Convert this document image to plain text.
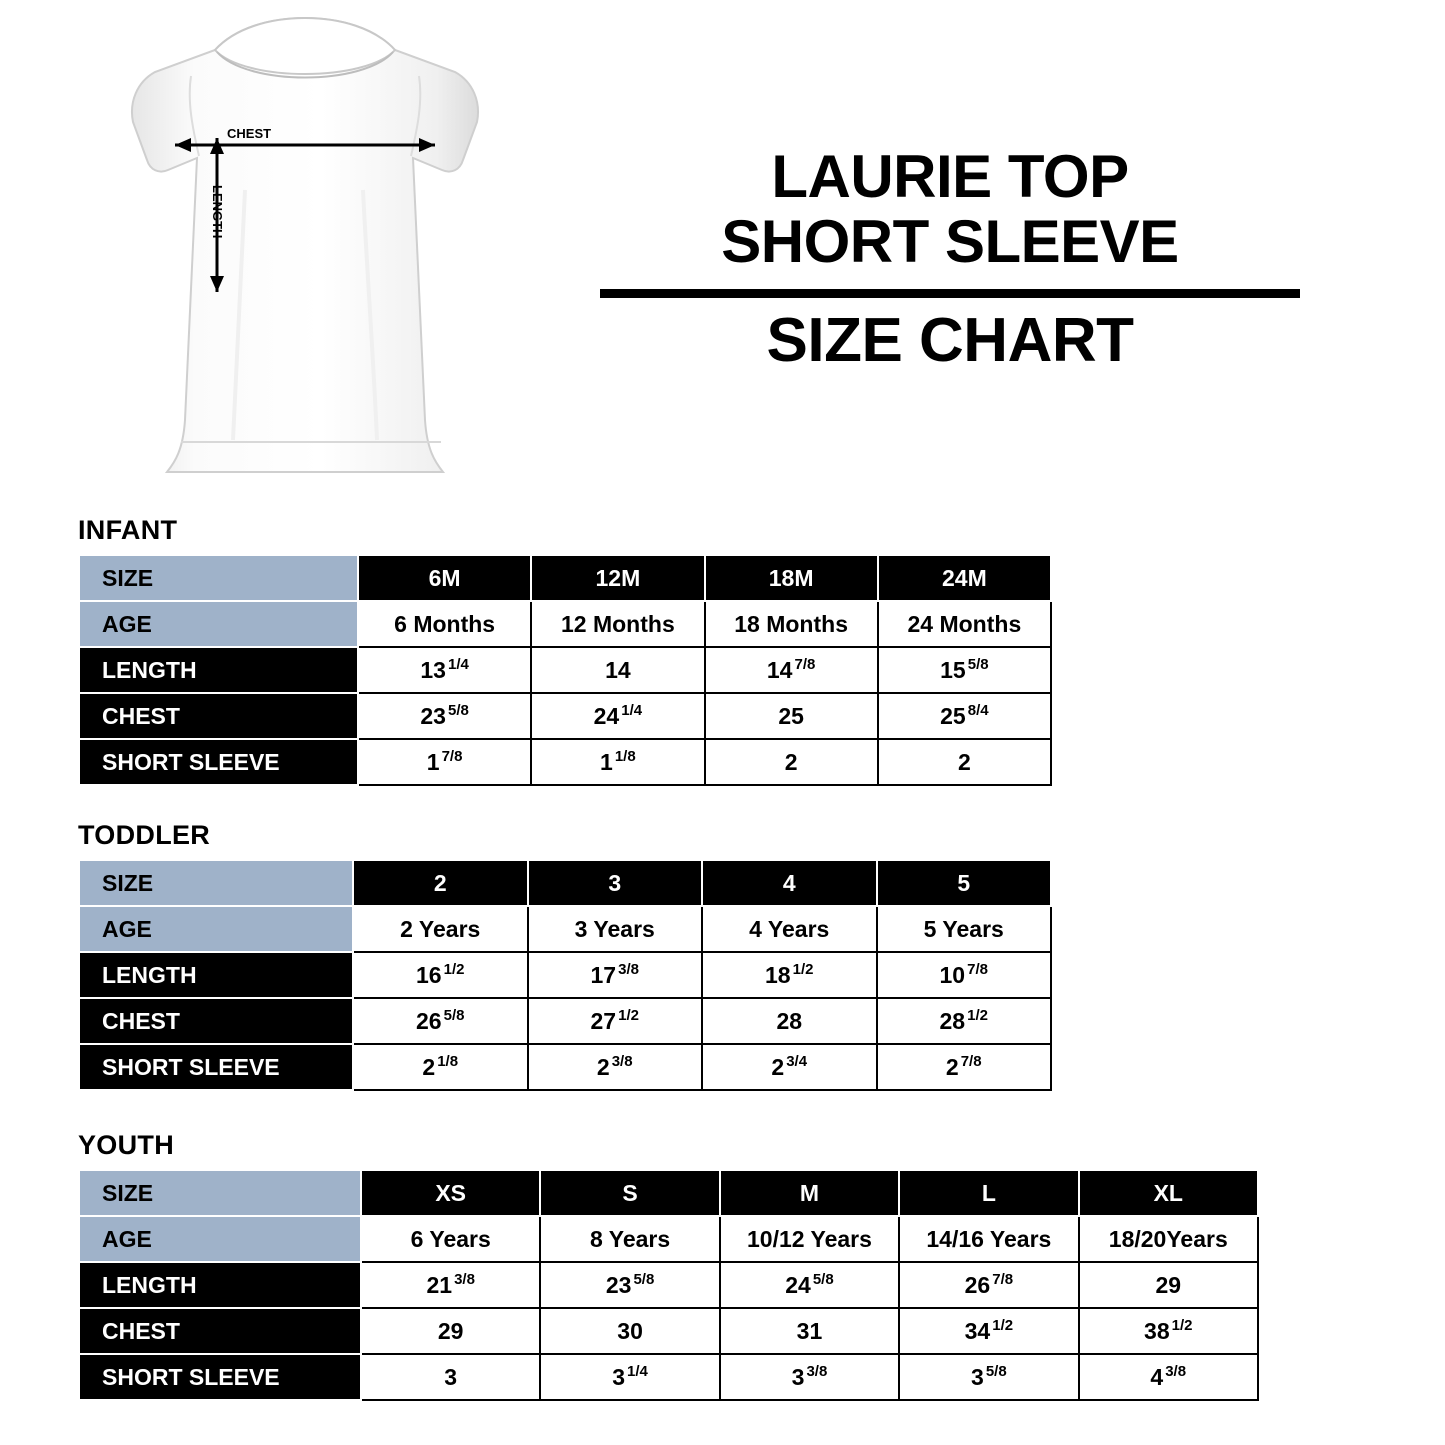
CHEST
LENGTH
LAURIE TOP
SHORT SLEEVE
SIZE CHART
INFANT
SIZE	6M	12M	18M	24M
AGE	6 Months	12 Months	18 Months	24 Months
LENGTH	13 $^{1/4}$	14	14 $^{7/8}$	15 $^{5/8}$
CHEST	23 $^{5/8}$	24 $^{1/4}$	25	25 $^{8/4}$
SHORT SLEEVE	1 $^{7/8}$	1 $^{1/8}$	2	2
TODDLER
SIZE	2	3	4	5
AGE	2 Years	3 Years	4 Years	5 Years
LENGTH	16 $^{1/2}$	17 $^{3/8}$	18 $^{1/2}$	10 $^{7/8}$
CHEST	26 $^{5/8}$	27 $^{1/2}$	28	28 $^{1/2}$
SHORT SLEEVE	2 $^{1/8}$	2 $^{3/8}$	2 $^{3/4}$	2 $^{7/8}$
YOUTH
SIZE	XS	S	M	L	XL
AGE	6 Years	8 Years	10/12 Years	14/16 Years	18/20Years
LENGTH	21 $^{3/8}$	23 $^{5/8}$	24 $^{5/8}$	26 $^{7/8}$	29
CHEST	29	30	31	34 $^{1/2}$	38 $^{1/2}$
SHORT SLEEVE	3	3 $^{1/4}$	3 $^{3/8}$	3 $^{5/8}$	4 $^{3/8}$
